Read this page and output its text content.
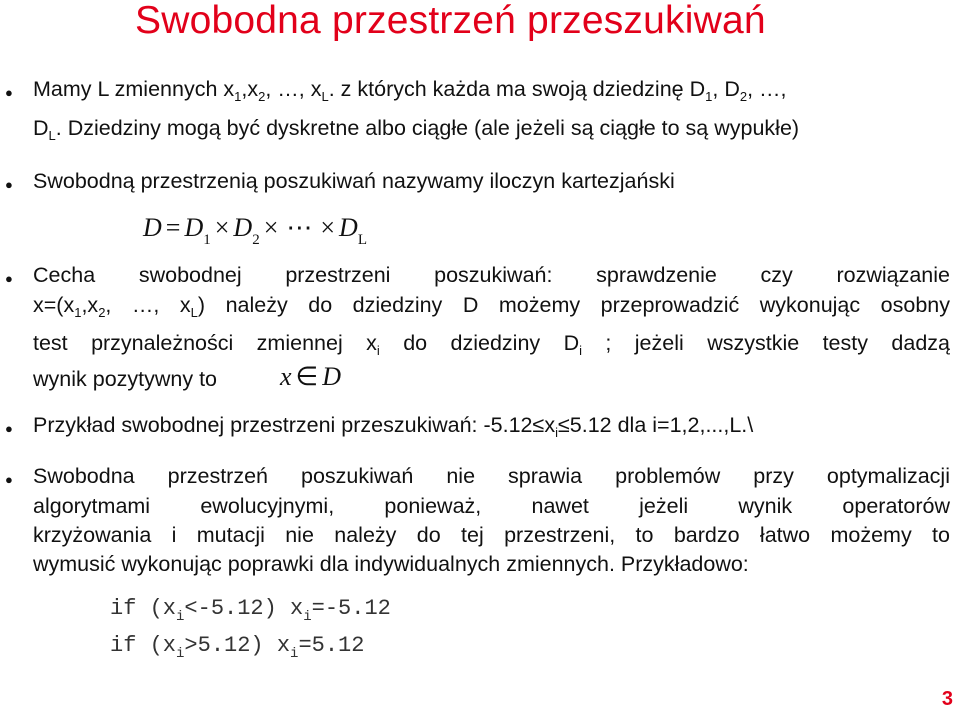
Swobodna przestrzeń przeszukiwań
● Mamy L zmiennych $x_1,x_2$, …, $x_L$. z których każda ma swoją dziedzinę $D_1$, $D_2$, …,
$D_L$. Dziedziny mogą być dyskretne albo ciągłe (ale jeżeli są ciągłe to są wypukłe)
● Swobodną przestrzenią poszukiwań nazywamy iloczyn kartezjański
$D = D_1 \times D_2$ × ⋯ × $D_L$
● Cecha swobodnej przestrzeni poszukiwań: sprawdzenie czy rozwiązanie
$x=(x_1,x_2$, …, $x_L$) należy do dziedziny D możemy przeprowadzić wykonując osobny
test przynależności zmiennej $x_i$ do dziedziny $D_i$ ; jeżeli wszystkie testy dadzą
wynik pozytywny to x ∈ D
● Przykład swobodnej przestrzeni przeszukiwań: $-5.12\le x_i\le 5.12$ dla i=1,2,...,L.\
● Swobodna przestrzeń poszukiwań nie sprawia problemów przy optymalizacji
algorytmami ewolucyjnymi, ponieważ, nawet jeżeli wynik operatorów
krzyżowania i mutacji nie należy do tej przestrzeni, to bardzo łatwo możemy to
wymusić wykonując poprawki dla indywidualnych zmiennych. Przykładowo:
if $(x_i<-5.12)$ $x_i=-5.12$
if $(x_i>5.12)$ $x_i=5.12$
3
